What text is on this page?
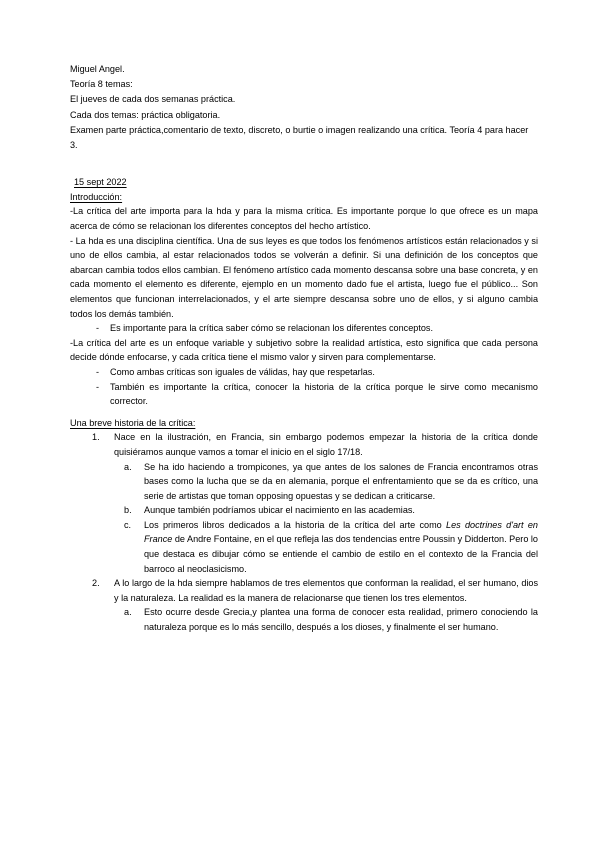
Miguel Angel.

Teoría 8 temas:

El jueves de cada dos semanas práctica.

Cada dos temas: práctica obligatoria.

Examen parte práctica,comentario de texto, discreto, o burtie o imagen realizando una crítica. Teoría 4 para hacer 3.

15 sept 2022

Introducción:

-La crítica del arte importa para la hda y para la misma crítica. Es importante porque lo que ofrece es un mapa acerca de cómo se relacionan los diferentes conceptos del hecho artístico.

- La hda es una disciplina científica. Una de sus leyes es que todos los fenómenos artísticos están relacionados y si uno de ellos cambia, al estar relacionados todos se volverán a definir. Si una definición de los conceptos que abarcan cambia todos ellos cambian. El fenómeno artístico cada momento descansa sobre una base concreta, y en cada momento el elemento es diferente, ejemplo en un momento dado fue el artista, luego fue el público... Son elementos que funcionan interrelacionados, y el arte siempre descansa sobre uno de ellos, y si alguno cambia todos los demás también.

- Es importante para la crítica saber cómo se relacionan los diferentes conceptos.

-La crítica del arte es un enfoque variable y subjetivo sobre la realidad artística, esto significa que cada persona decide dónde enfocarse, y cada crítica tiene el mismo valor y sirven para complementarse.

- Como ambas críticas son iguales de válidas, hay que respetarlas.
- También es importante la crítica, conocer la historia de la crítica porque le sirve como mecanismo corrector.

Una breve historia de la crítica:

Nace en la ilustración, en Francia, sin embargo podemos empezar la historia de la crítica donde quisiéramos aunque vamos a tomar el inicio en el siglo 17/18.
Se ha ido haciendo a trompicones, ya que antes de los salones de Francia encontramos otras bases como la lucha que se da en alemania, porque el enfrentamiento que se da es crítico, una serie de artistas que toman opposing opuestas y se dedican a criticarse.
Aunque también podríamos ubicar el nacimiento en las academias.
Los primeros libros dedicados a la historia de la crítica del arte como Les doctrines d'art en France de Andre Fontaine, en el que refleja las dos tendencias entre Poussin y Didderton. Pero lo que destaca es dibujar cómo se entiende el cambio de estilo en el contexto de la Francia del barroco al neoclasicismo.
A lo largo de la hda siempre hablamos de tres elementos que conforman la realidad, el ser humano, dios y la naturaleza. La realidad es la manera de relacionarse que tienen los tres elementos.
Esto ocurre desde Grecia,y plantea una forma de conocer esta realidad, primero conociendo la naturaleza porque es lo más sencillo, después a los dioses, y finalmente el ser humano.
